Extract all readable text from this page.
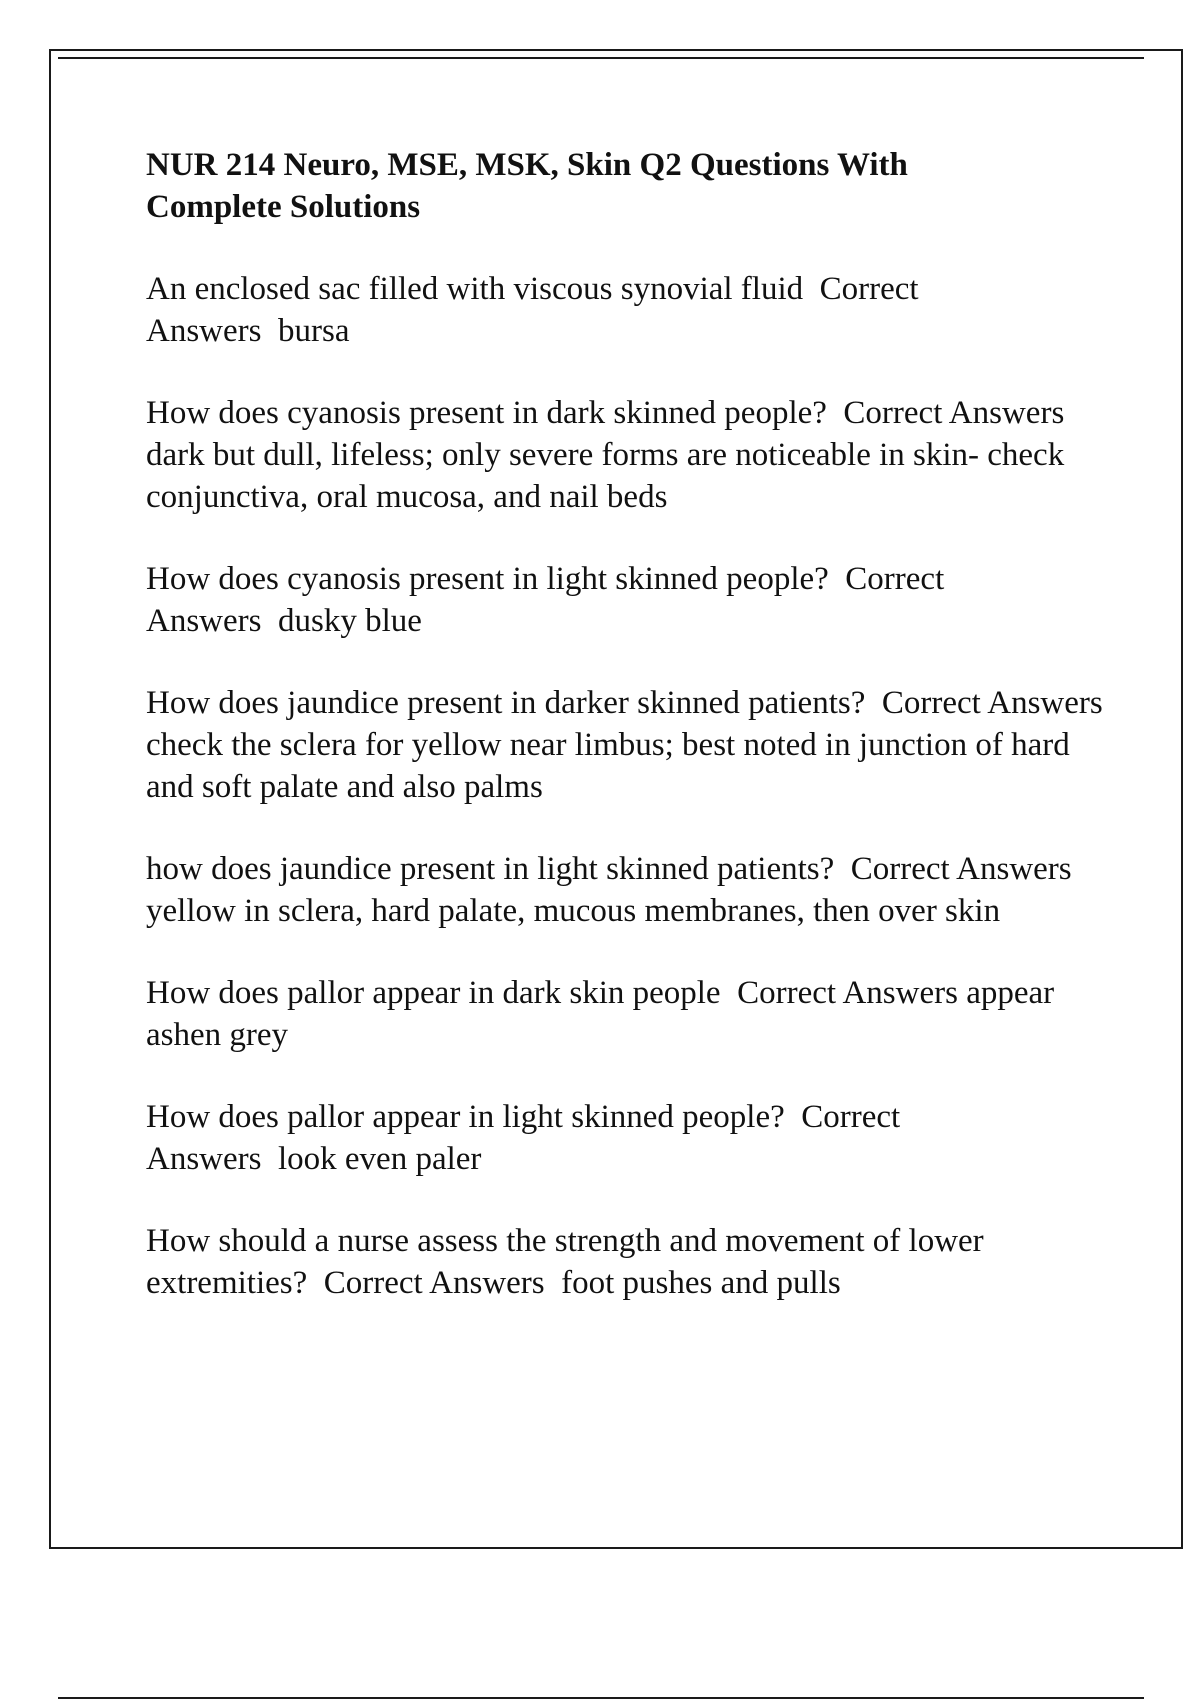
NUR 214 Neuro, MSE, MSK, Skin Q2 Questions With Complete Solutions

An enclosed sac filled with viscous synovial fluid Correct Answers bursa

How does cyanosis present in dark skinned people? Correct Answers  dark but dull, lifeless; only severe forms are noticeable in skin- check conjunctiva, oral mucosa, and nail beds

How does cyanosis present in light skinned people? Correct Answers dusky blue

How does jaundice present in darker skinned patients? Correct Answers  check the sclera for yellow near limbus; best noted in junction of hard and soft palate and also palms

how does jaundice present in light skinned patients? Correct Answers  yellow in sclera, hard palate, mucous membranes, then over skin

How does pallor appear in dark skin people Correct Answers appear ashen grey

How does pallor appear in light skinned people? Correct Answers look even paler

How should a nurse assess the strength and movement of lower extremities? Correct Answers foot pushes and pulls
